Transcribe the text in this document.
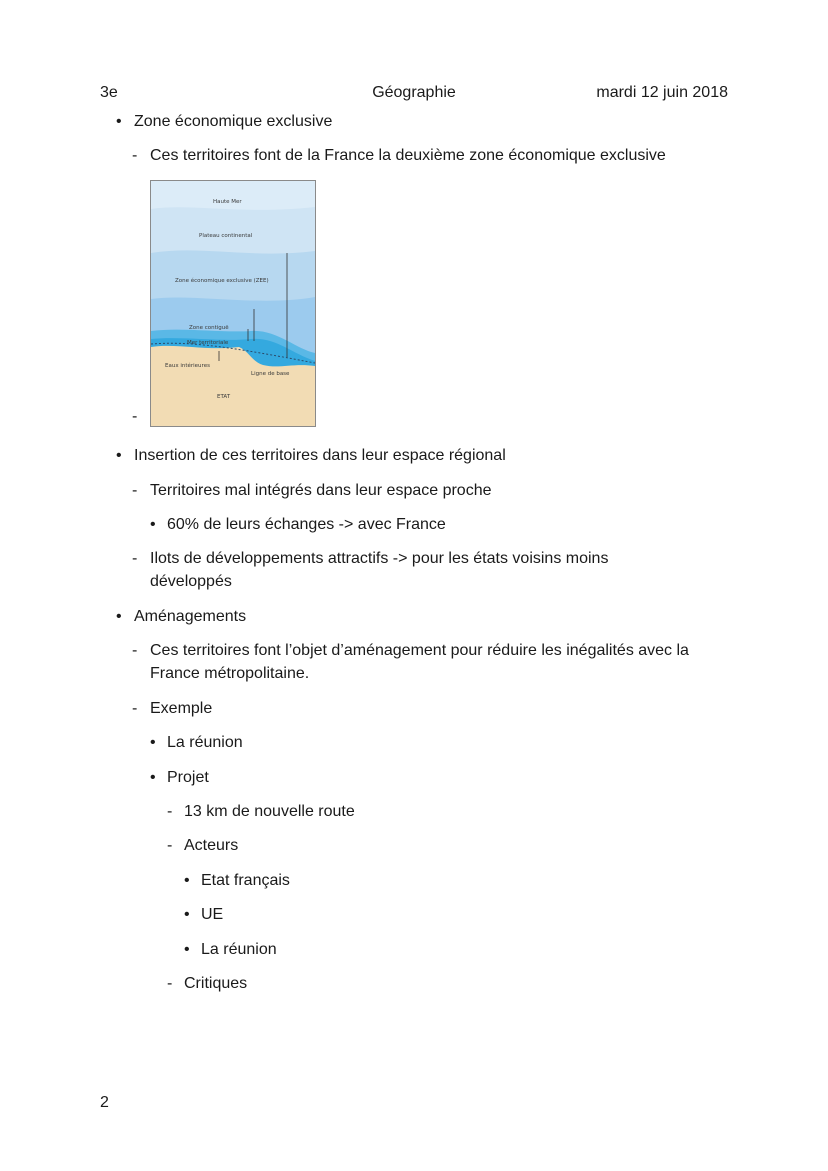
3e	Géographie	mardi 12 juin 2018
• Zone économique exclusive
- Ces territoires font de la France la deuxième zone économique exclusive
-
• Insertion de ces territoires dans leur espace régional
- Territoires mal intégrés dans leur espace proche
• 60% de leurs échanges -> avec France
- Ilots de développements attractifs -> pour les états voisins moins
développés
• Aménagements
- Ces territoires font l’objet d’aménagement pour réduire les inégalités avec la
France métropolitaine.
- Exemple
• La réunion
• Projet
- 13 km de nouvelle route
- Acteurs
• Etat français
• UE
• La réunion
- Critiques
Haute Mer
Plateau continental
Zone économique exclusive (ZEE)
Zone contiguë
Mer territoriale
Eaux intérieures
Ligne de base
ETAT
2
